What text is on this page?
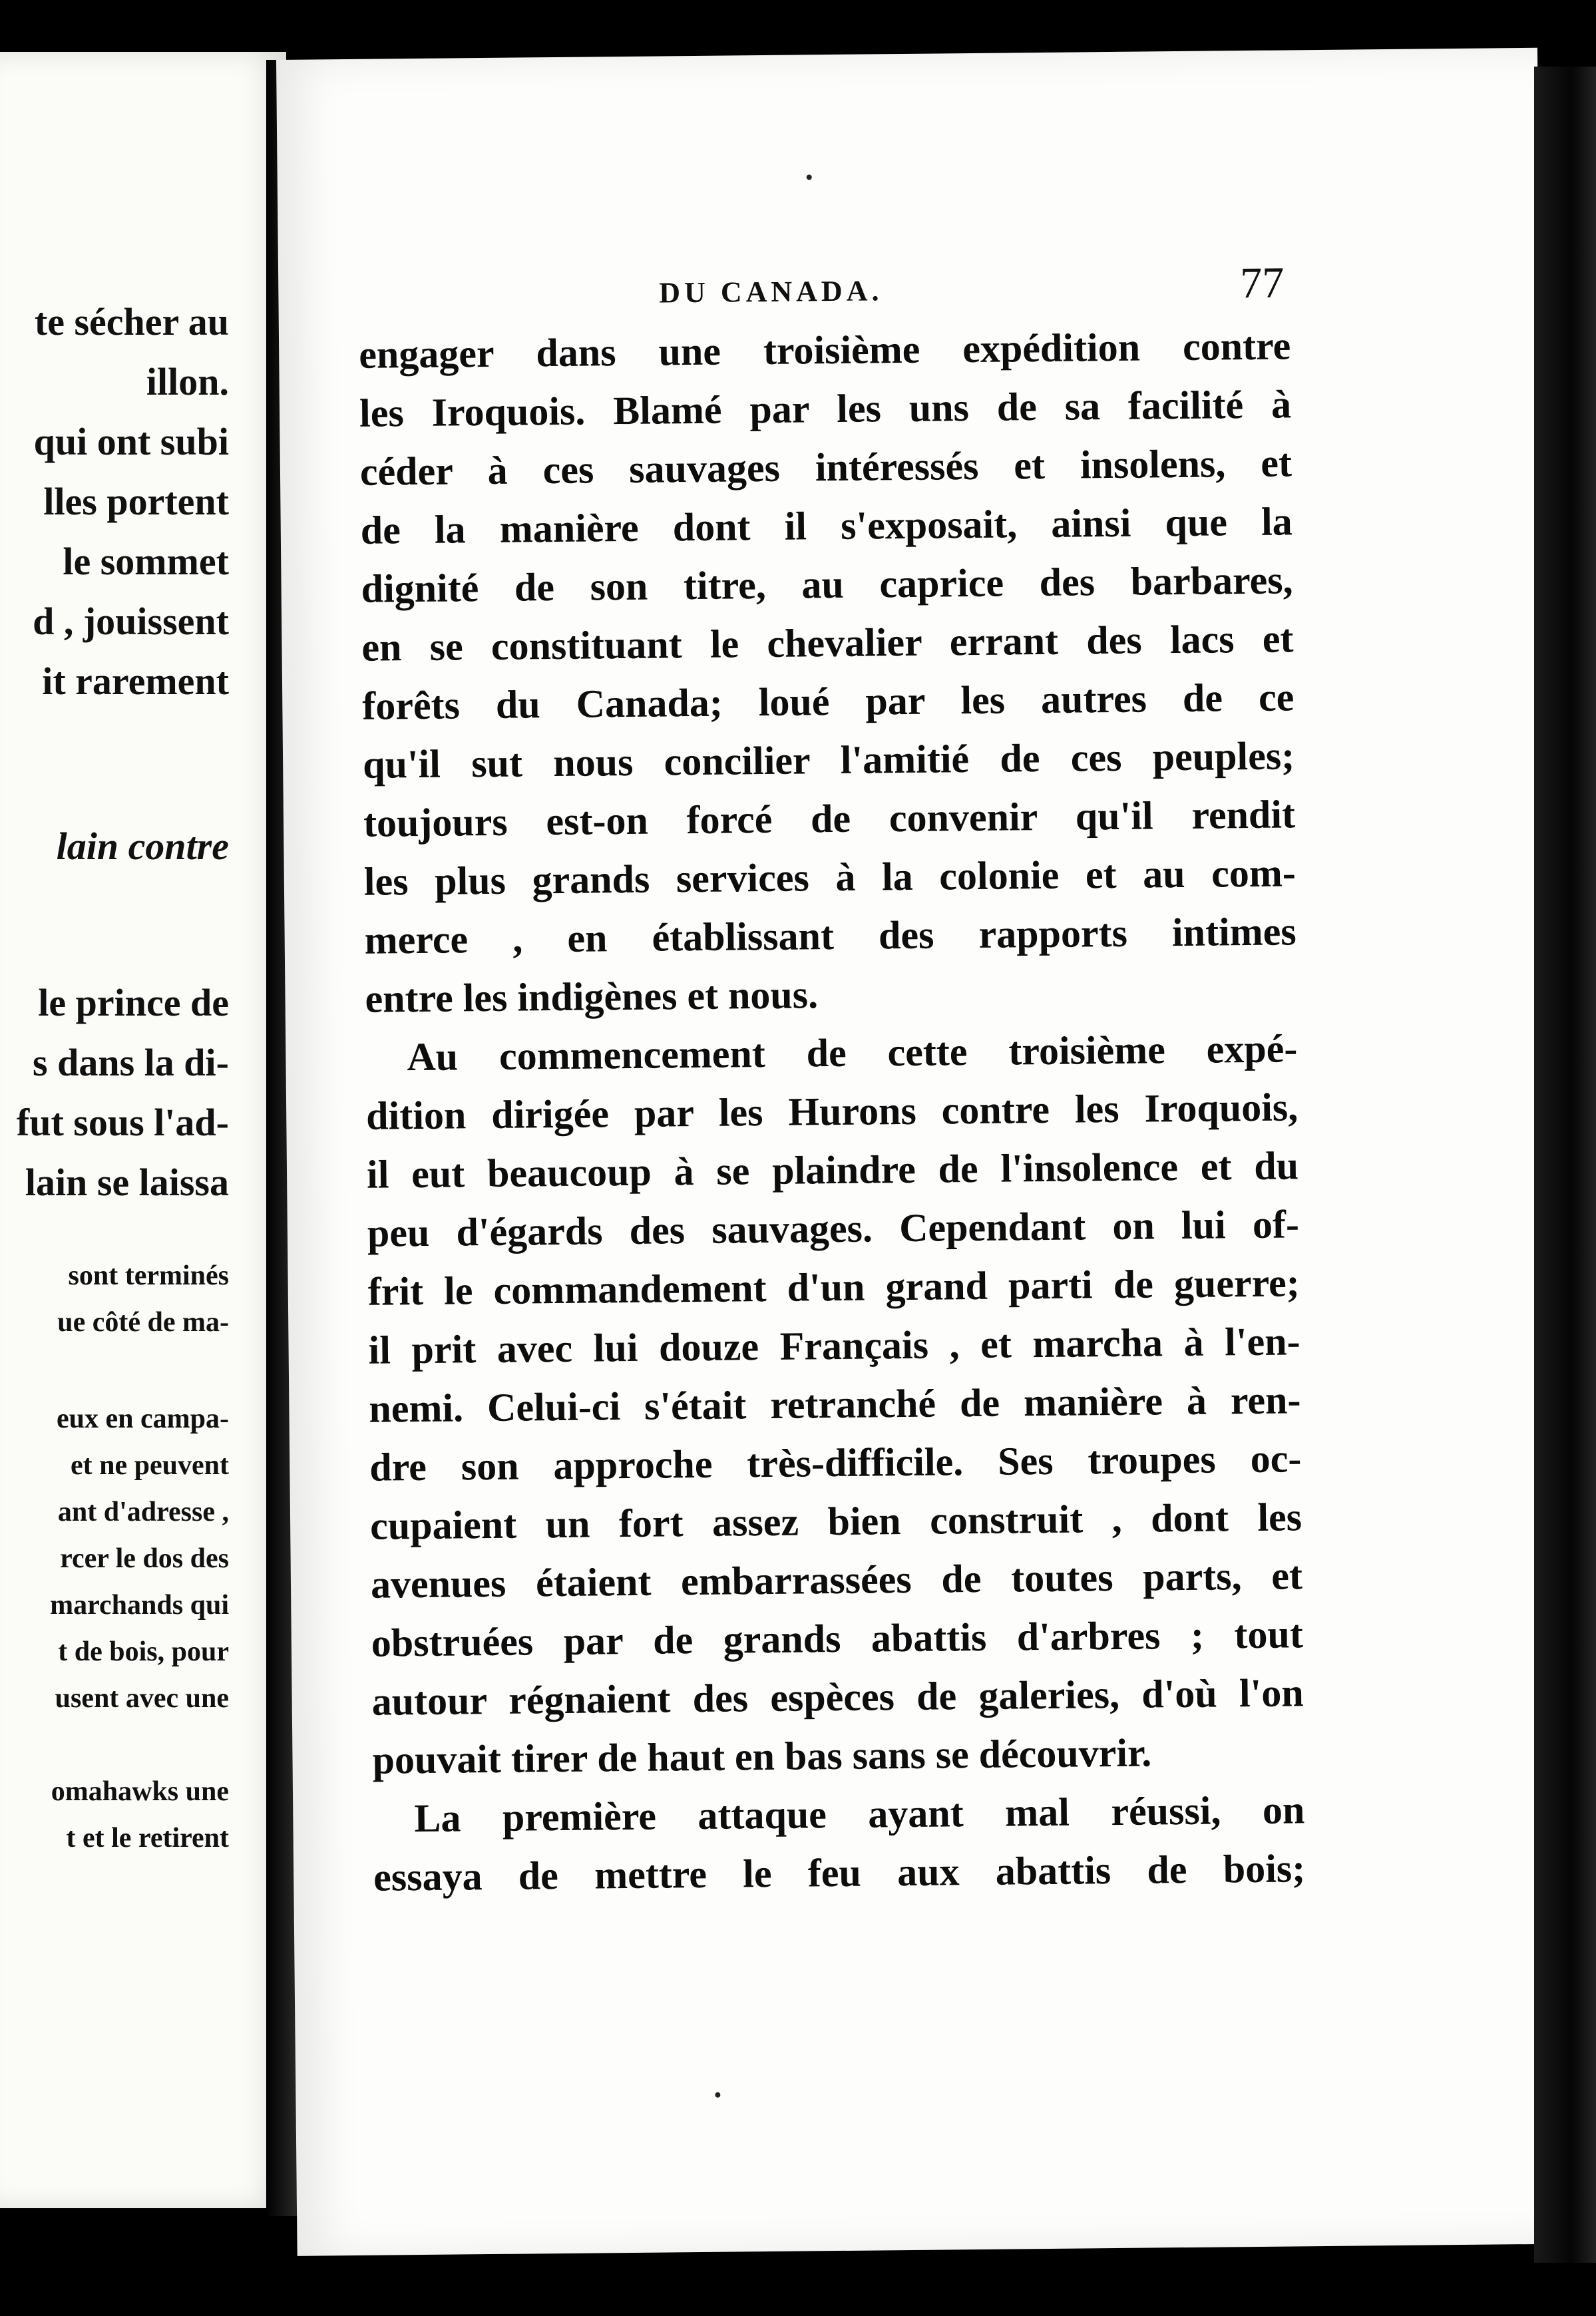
te sécher au
illon.
qui ont subi
lles portent
le sommet
d , jouissent
it rarement
lain contre
le prince de
s dans la di-
fut sous l'ad-
lain se laissa
sont terminés
ue côté de ma-
eux en campa-
et ne peuvent
ant d'adresse ,
rcer le dos des
marchands qui
t de bois, pour
usent avec une
omahawks une
t et le retirent
DU CANADA.	77
engager dans une troisième expédition contre
les Iroquois. Blamé par les uns de sa facilité à
céder à ces sauvages intéressés et insolens, et
de la manière dont il s'exposait, ainsi que la
dignité de son titre, au caprice des barbares,
en se constituant le chevalier errant des lacs et
forêts du Canada; loué par les autres de ce
qu'il sut nous concilier l'amitié de ces peuples;
toujours est-on forcé de convenir qu'il rendit
les plus grands services à la colonie et au com-
merce , en établissant des rapports intimes
entre les indigènes et nous.
Au commencement de cette troisième expé-
dition dirigée par les Hurons contre les Iroquois,
il eut beaucoup à se plaindre de l'insolence et du
peu d'égards des sauvages. Cependant on lui of-
frit le commandement d'un grand parti de guerre;
il prit avec lui douze Français , et marcha à l'en-
nemi. Celui-ci s'était retranché de manière à ren-
dre son approche très-difficile. Ses troupes oc-
cupaient un fort assez bien construit , dont les
avenues étaient embarrassées de toutes parts, et
obstruées par de grands abattis d'arbres ; tout
autour régnaient des espèces de galeries, d'où l'on
pouvait tirer de haut en bas sans se découvrir.
La première attaque ayant mal réussi, on
essaya de mettre le feu aux abattis de bois;
